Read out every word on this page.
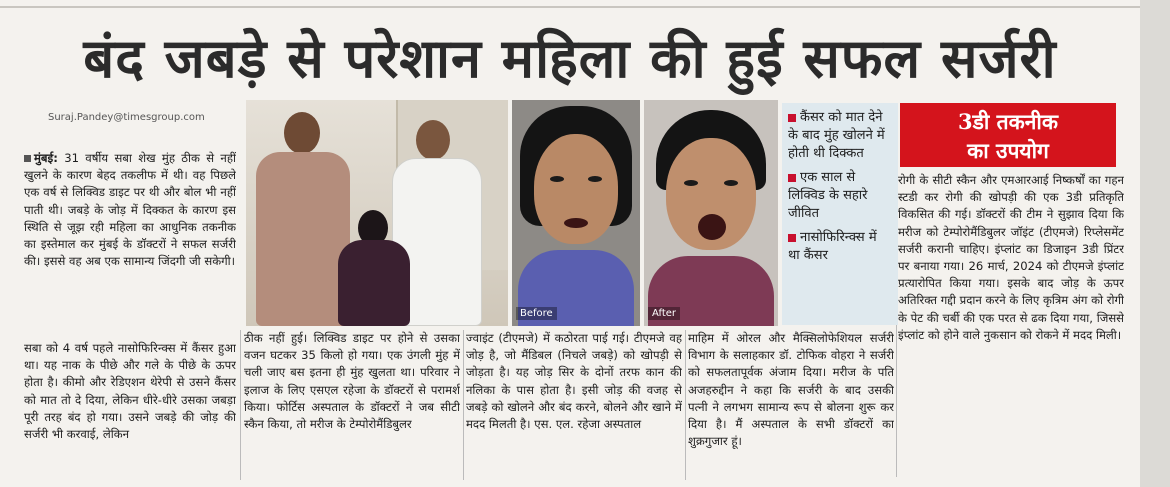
बंद जबड़े से परेशान महिला की हुई सफल सर्जरी
Suraj.Pandey@timesgroup.com
मुंबई: 31 वर्षीय सबा शेख मुंह ठीक से नहीं खुलने के कारण बेहद तकलीफ में थी। वह पिछले एक वर्ष से लिक्विड डाइट पर थी और बोल भी नहीं पाती थी। जबड़े के जोड़ में दिक्कत के कारण इस स्थिति से जूझ रही महिला का आधुनिक तकनीक का इस्तेमाल कर मुंबई के डॉक्टरों ने सफल सर्जरी की। इससे वह अब एक सामान्य जिंदगी जी सकेगी।
सबा को 4 वर्ष पहले नासोफिरिन्क्स में कैंसर हुआ था। यह नाक के पीछे और गले के पीछे के ऊपर होता है। कीमो और रेडिएशन थेरेपी से उसने कैंसर को मात तो दे दिया, लेकिन धीरे-धीरे उसका जबड़ा पूरी तरह बंद हो गया। उसने जबड़े की जोड़ की सर्जरी भी करवाई, लेकिन
ठीक नहीं हुई। लिक्विड डाइट पर होने से उसका वजन घटकर 35 किलो हो गया। एक उंगली मुंह में चली जाए बस इतना ही मुंह खुलता था। परिवार ने इलाज के लिए एसएल रहेजा के डॉक्टरों से परामर्श किया। फोर्टिस अस्पताल के डॉक्टरों ने जब सीटी स्कैन किया, तो मरीज के टेम्पोरोमैंडिबुलर
ज्वाइंट (टीएमजे) में कठोरता पाई गई। टीएमजे वह जोड़ है, जो मैंडिबल (निचले जबड़े) को खोपड़ी से जोड़ता है। यह जोड़ सिर के दोनों तरफ कान की नलिका के पास होता है। इसी जोड़ की वजह से जबड़े को खोलने और बंद करने, बोलने और खाने में मदद मिलती है। एस. एल. रहेजा अस्पताल
माहिम में ओरल और मैक्सिलोफेशियल सर्जरी विभाग के सलाहकार डॉ. टोफिक वोहरा ने सर्जरी को सफलतापूर्वक अंजाम दिया। मरीज के पति अजहरुद्दीन ने कहा कि सर्जरी के बाद उसकी पत्नी ने लगभग सामान्य रूप से बोलना शुरू कर दिया है। मैं अस्पताल के सभी डॉक्टरों का शुक्रगुजार हूं।
रोगी के सीटी स्कैन और एमआरआई निष्कर्षों का गहन स्टडी कर रोगी की खोपड़ी की एक 3डी प्रतिकृति विकसित की गई। डॉक्टरों की टीम ने सुझाव दिया कि मरीज को टेम्पोरोमैंडिबुलर जॉइंट (टीएमजे) रिप्लेसमेंट सर्जरी करानी चाहिए। इंप्लांट का डिजाइन 3डी प्रिंटर पर बनाया गया। 26 मार्च, 2024 को टीएमजे इंप्लांट प्रत्यारोपित किया गया। इसके बाद जोड़ के ऊपर अतिरिक्त गद्दी प्रदान करने के लिए कृत्रिम अंग को रोगी के पेट की चर्बी की एक परत से ढक दिया गया, जिससे इंप्लांट को होने वाले नुकसान को रोकने में मदद मिली।
Before	After
कैंसर को मात देने के बाद मुंह खोलने में होती थी दिक्कत
एक साल से लिक्विड के सहारे जीवित
नासोफिरिन्क्स में था कैंसर
3डी तकनीक
का उपयोग
